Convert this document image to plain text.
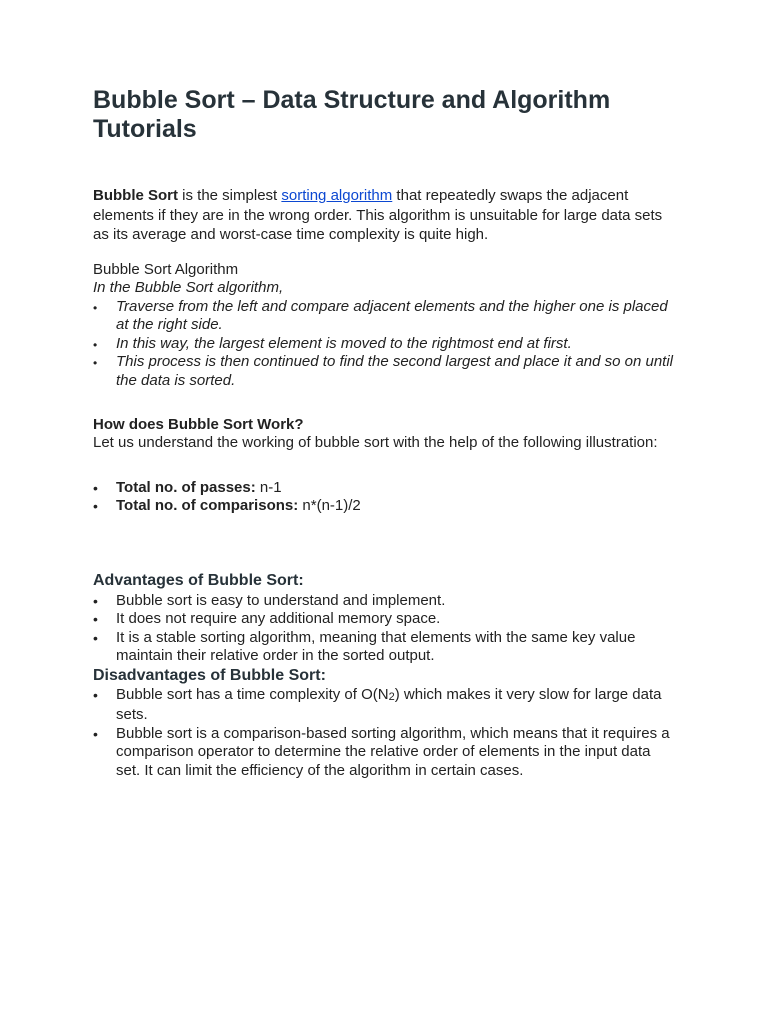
Bubble Sort – Data Structure and Algorithm Tutorials

Bubble Sort is the simplest sorting algorithm that repeatedly swaps the adjacent elements if they are in the wrong order. This algorithm is unsuitable for large data sets as its average and worst-case time complexity is quite high.

Bubble Sort Algorithm

In the Bubble Sort algorithm,

•	Traverse from the left and compare adjacent elements and the higher one is placed at the right side.
•	In this way, the largest element is moved to the rightmost end at first.
•	This process is then continued to find the second largest and place it and so on until the data is sorted.

How does Bubble Sort Work?

Let us understand the working of bubble sort with the help of the following illustration:

•	Total no. of passes: n-1
•	Total no. of comparisons: n*(n-1)/2

Advantages of Bubble Sort:

•	Bubble sort is easy to understand and implement.
•	It does not require any additional memory space.
•	It is a stable sorting algorithm, meaning that elements with the same key value maintain their relative order in the sorted output.

Disadvantages of Bubble Sort:

•	Bubble sort has a time complexity of $O(N_2)$ which makes it very slow for large data sets.
•	Bubble sort is a comparison-based sorting algorithm, which means that it requires a comparison operator to determine the relative order of elements in the input data set. It can limit the efficiency of the algorithm in certain cases.
